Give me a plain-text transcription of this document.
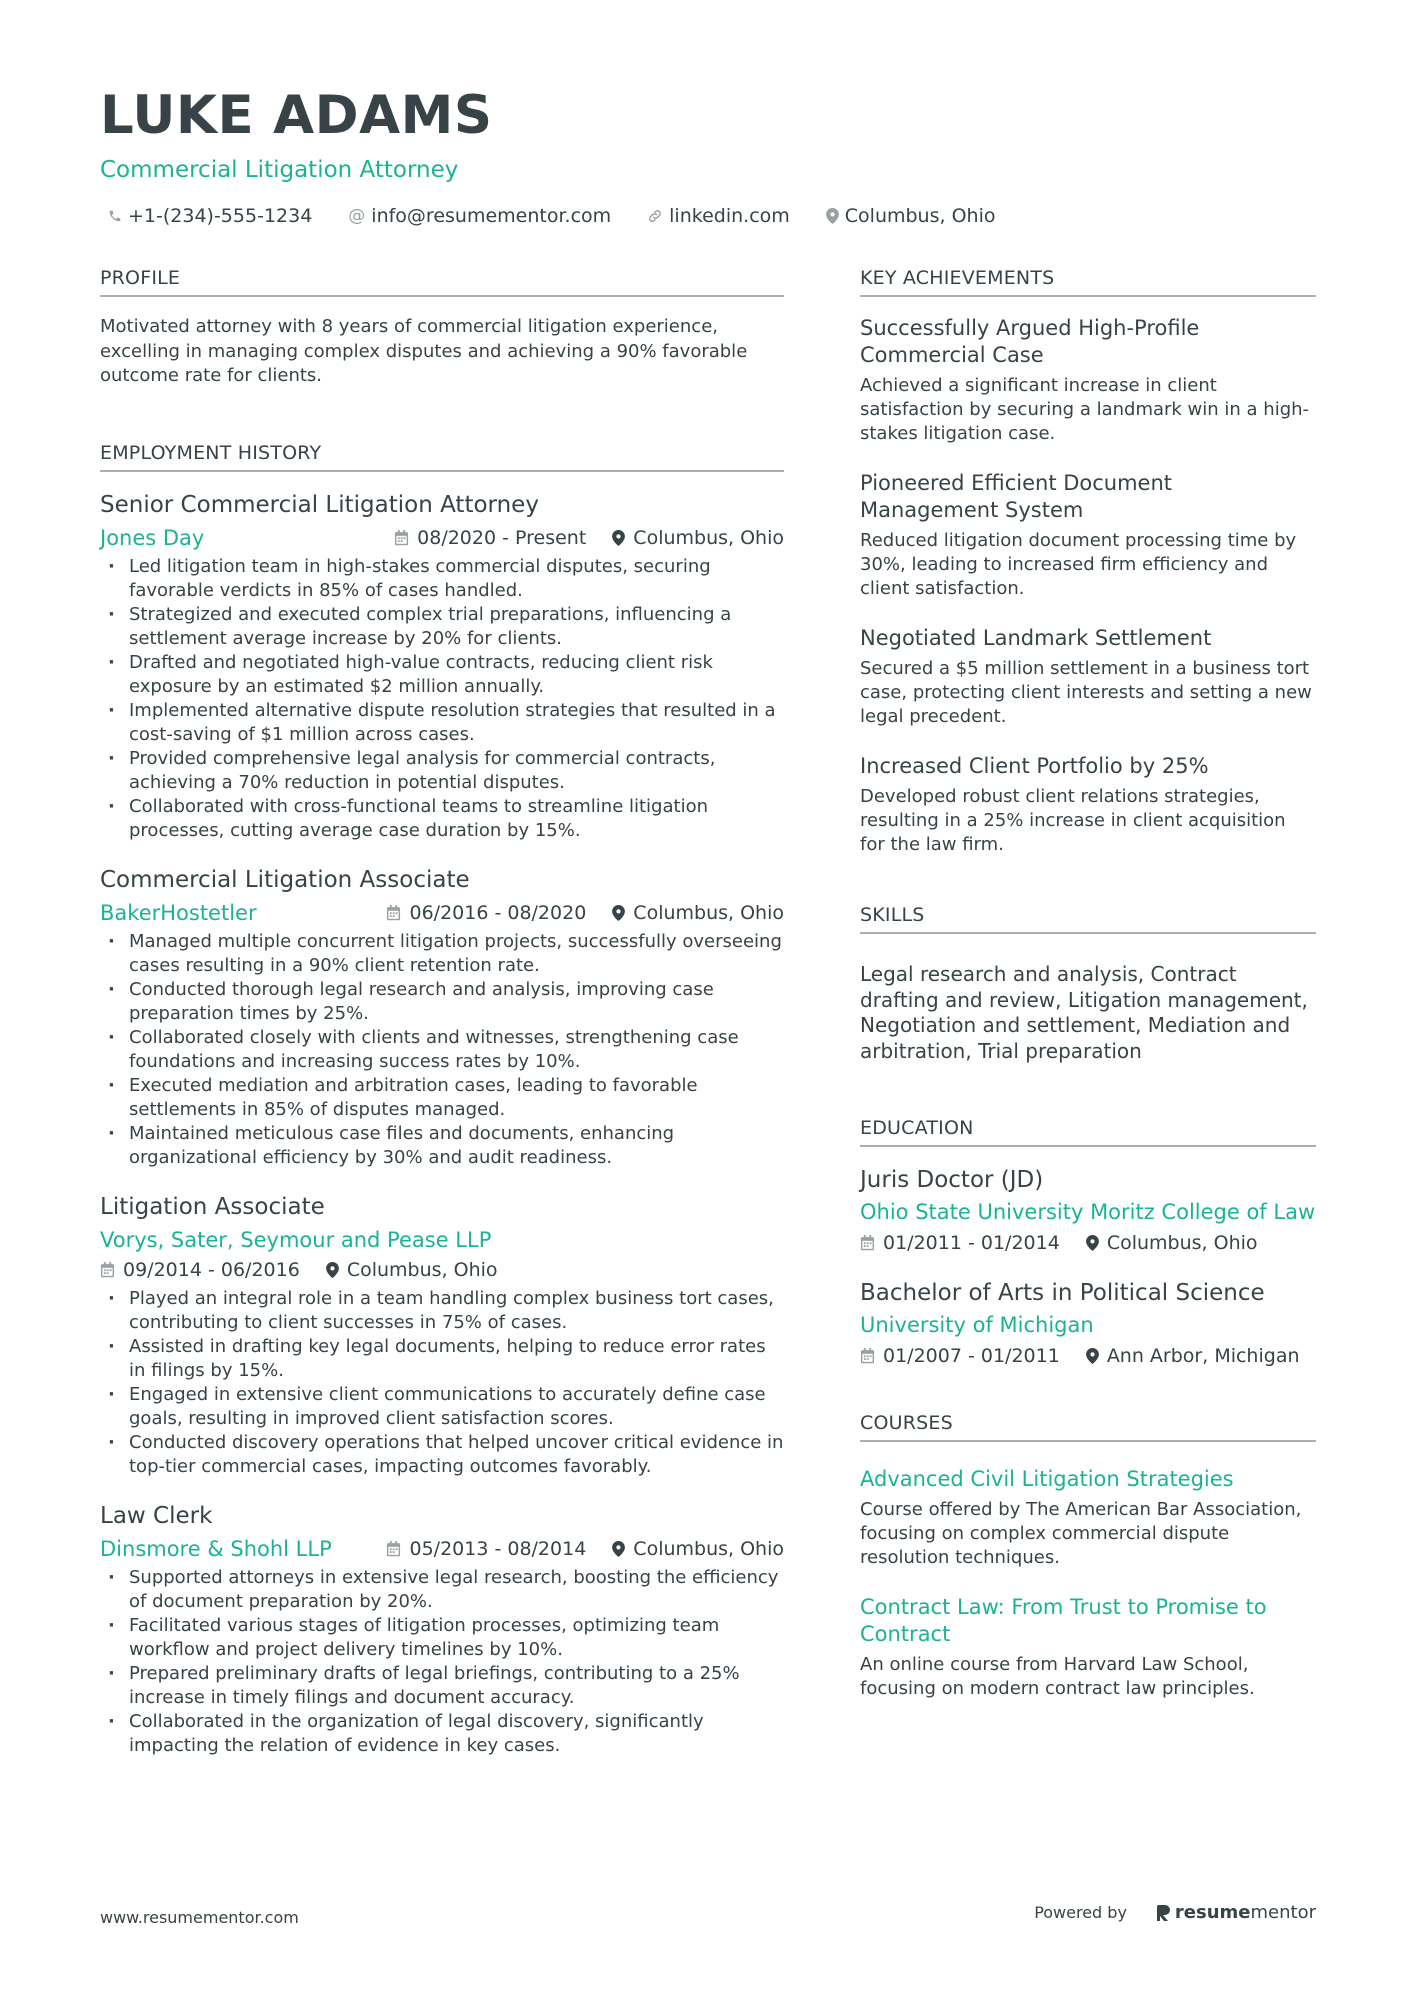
LUKE ADAMS
Commercial Litigation Attorney
+1-(234)-555-1234 @ info@resumementor.com	linkedin.com	Columbus, Ohio
PROFILE
Motivated attorney with 8 years of commercial litigation experience, excelling in managing complex disputes and achieving a 90% favorable outcome rate for clients.
EMPLOYMENT HISTORY
Senior Commercial Litigation Attorney
Jones Day	08/2020 - Present Columbus, Ohio
· Led litigation team in high-stakes commercial disputes, securing favorable verdicts in 85% of cases handled.
· Strategized and executed complex trial preparations, influencing a settlement average increase by 20% for clients.
· Drafted and negotiated high-value contracts, reducing client risk exposure by an estimated $2 million annually.
· Implemented alternative dispute resolution strategies that resulted in a cost-saving of $1 million across cases.
· Provided comprehensive legal analysis for commercial contracts, achieving a 70% reduction in potential disputes.
· Collaborated with cross-functional teams to streamline litigation processes, cutting average case duration by 15%.
Commercial Litigation Associate
BakerHostetler	06/2016 - 08/2020 Columbus, Ohio
· Managed multiple concurrent litigation projects, successfully overseeing cases resulting in a 90% client retention rate.
· Conducted thorough legal research and analysis, improving case preparation times by 25%.
· Collaborated closely with clients and witnesses, strengthening case foundations and increasing success rates by 10%.
· Executed mediation and arbitration cases, leading to favorable settlements in 85% of disputes managed.
· Maintained meticulous case files and documents, enhancing organizational efficiency by 30% and audit readiness.
Litigation Associate
Vorys, Sater, Seymour and Pease LLP
09/2014 - 06/2016 Columbus, Ohio
· Played an integral role in a team handling complex business tort cases, contributing to client successes in 75% of cases.
· Assisted in drafting key legal documents, helping to reduce error rates in filings by 15%.
· Engaged in extensive client communications to accurately define case goals, resulting in improved client satisfaction scores.
· Conducted discovery operations that helped uncover critical evidence in top-tier commercial cases, impacting outcomes favorably.
Law Clerk
Dinsmore & Shohl LLP	05/2013 - 08/2014 Columbus, Ohio
· Supported attorneys in extensive legal research, boosting the efficiency of document preparation by 20%.
· Facilitated various stages of litigation processes, optimizing team workflow and project delivery timelines by 10%.
· Prepared preliminary drafts of legal briefings, contributing to a 25% increase in timely filings and document accuracy.
· Collaborated in the organization of legal discovery, significantly impacting the relation of evidence in key cases.
KEY ACHIEVEMENTS
Successfully Argued High-Profile Commercial Case
Achieved a significant increase in client satisfaction by securing a landmark win in a high-stakes litigation case.
Pioneered Efficient Document Management System
Reduced litigation document processing time by 30%, leading to increased firm efficiency and client satisfaction.
Negotiated Landmark Settlement
Secured a $5 million settlement in a business tort case, protecting client interests and setting a new legal precedent.
Increased Client Portfolio by 25%
Developed robust client relations strategies, resulting in a 25% increase in client acquisition for the law firm.
SKILLS
Legal research and analysis, Contract drafting and review, Litigation management, Negotiation and settlement, Mediation and arbitration, Trial preparation
EDUCATION
Juris Doctor (JD)
Ohio State University Moritz College of Law
01/2011 - 01/2014 Columbus, Ohio
Bachelor of Arts in Political Science
University of Michigan
01/2007 - 01/2011 Ann Arbor, Michigan
COURSES
Advanced Civil Litigation Strategies
Course offered by The American Bar Association, focusing on complex commercial dispute resolution techniques.
Contract Law: From Trust to Promise to Contract
An online course from Harvard Law School, focusing on modern contract law principles.
www.resumementor.com	Powered by	resume mentor
